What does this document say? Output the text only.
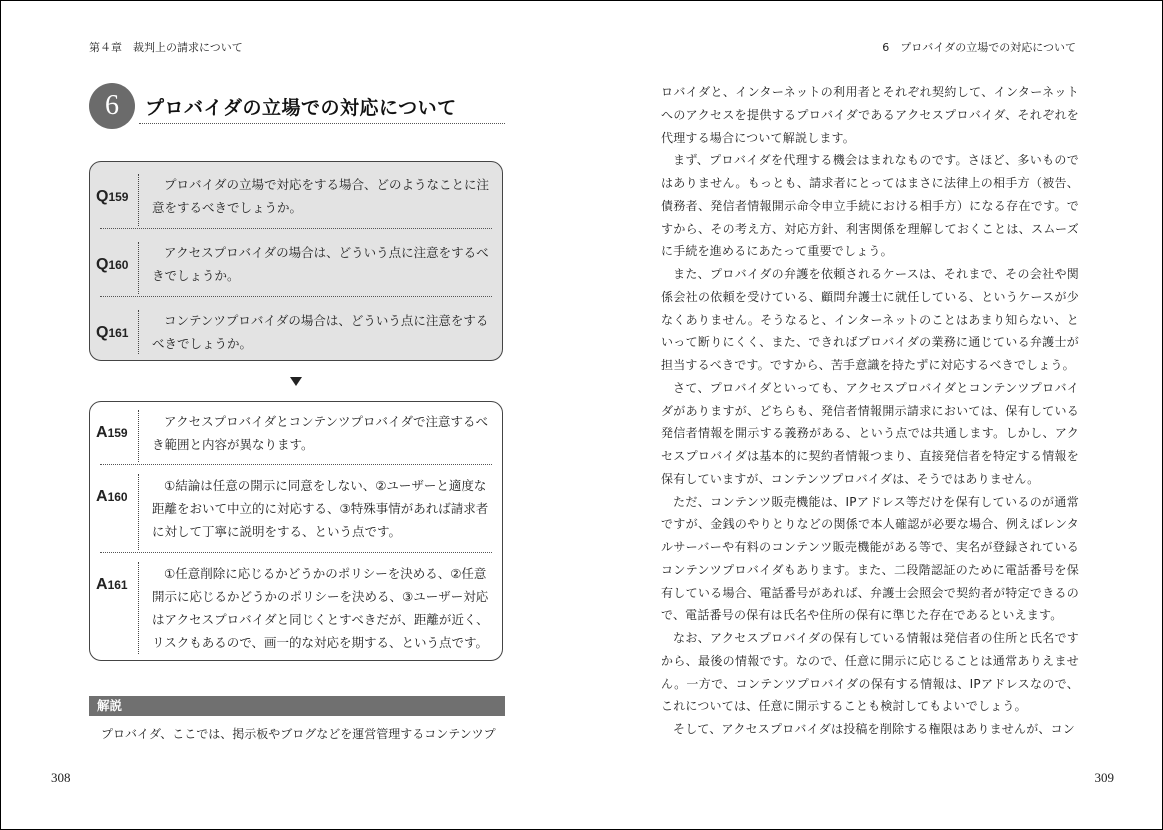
第４章　裁判上の請求について	6　プロバイダの立場での対応について
6	プロバイダの立場での対応について
Q159
プロバイダの立場で対応をする場合、どのようなことに注意をするべきでしょうか。
Q160
アクセスプロバイダの場合は、どういう点に注意をするべきでしょうか。
Q161
コンテンツプロバイダの場合は、どういう点に注意をするべきでしょうか。
A159
アクセスプロバイダとコンテンツプロバイダで注意するべき範囲と内容が異なります。
A160
①結論は任意の開示に同意をしない、②ユーザーと適度な距離をおいて中立的に対応する、③特殊事情があれば請求者に対して丁寧に説明をする、という点です。
A161
①任意削除に応じるかどうかのポリシーを決める、②任意開示に応じるかどうかのポリシーを決める、③ユーザー対応はアクセスプロバイダと同じくとすべきだが、距離が近く、リスクもあるので、画一的な対応を期する、という点です。
解説
プロバイダ、ここでは、掲示板やブログなどを運営管理するコンテンツプ

ロバイダと、インターネットの利用者とそれぞれ契約して、インターネットへのアクセスを提供するプロバイダであるアクセスプロバイダ、それぞれを代理する場合について解説します。

まず、プロバイダを代理する機会はまれなものです。さほど、多いものではありません。もっとも、請求者にとってはまさに法律上の相手方（被告、債務者、発信者情報開示命令申立手続における相手方）になる存在です。ですから、その考え方、対応方針、利害関係を理解しておくことは、スムーズに手続を進めるにあたって重要でしょう。

また、プロバイダの弁護を依頼されるケースは、それまで、その会社や関係会社の依頼を受けている、顧問弁護士に就任している、というケースが少なくありません。そうなると、インターネットのことはあまり知らない、といって断りにくく、また、できればプロバイダの業務に通じている弁護士が担当するべきです。ですから、苦手意識を持たずに対応するべきでしょう。

さて、プロバイダといっても、アクセスプロバイダとコンテンツプロバイダがありますが、どちらも、発信者情報開示請求においては、保有している発信者情報を開示する義務がある、という点では共通します。しかし、アクセスプロバイダは基本的に契約者情報つまり、直接発信者を特定する情報を保有していますが、コンテンツプロバイダは、そうではありません。

ただ、コンテンツ販売機能は、IPアドレス等だけを保有しているのが通常ですが、金銭のやりとりなどの関係で本人確認が必要な場合、例えばレンタルサーバーや有料のコンテンツ販売機能がある等で、実名が登録されているコンテンツプロバイダもあります。また、二段階認証のために電話番号を保有している場合、電話番号があれば、弁護士会照会で契約者が特定できるので、電話番号の保有は氏名や住所の保有に準じた存在であるといえます。

なお、アクセスプロバイダの保有している情報は発信者の住所と氏名ですから、最後の情報です。なので、任意に開示に応じることは通常ありえません。一方で、コンテンツプロバイダの保有する情報は、IPアドレスなので、これについては、任意に開示することも検討してもよいでしょう。

そして、アクセスプロバイダは投稿を削除する権限はありませんが、コン

308	309
